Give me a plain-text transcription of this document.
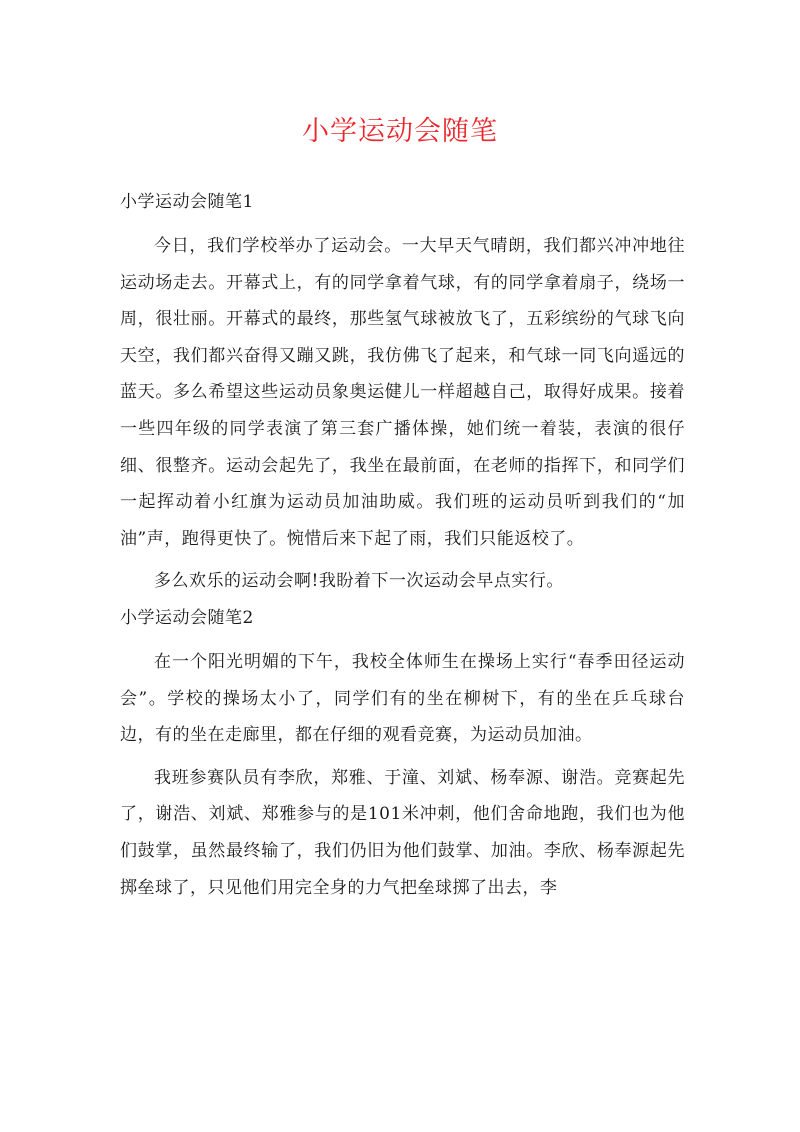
小学运动会随笔

小学运动会随笔1

今日，我们学校举办了运动会。一大早天气晴朗，我们都兴冲冲地往运动场走去。开幕式上，有的同学拿着气球，有的同学拿着扇子，绕场一周，很壮丽。开幕式的最终，那些氢气球被放飞了，五彩缤纷的气球飞向天空，我们都兴奋得又蹦又跳，我仿佛飞了起来，和气球一同飞向遥远的蓝天。多么希望这些运动员象奥运健儿一样超越自己，取得好成果。接着一些四年级的同学表演了第三套广播体操，她们统一着装，表演的很仔细、很整齐。运动会起先了，我坐在最前面，在老师的指挥下，和同学们一起挥动着小红旗为运动员加油助威。我们班的运动员听到我们的“加油”声，跑得更快了。惋惜后来下起了雨，我们只能返校了。

多么欢乐的运动会啊!我盼着下一次运动会早点实行。

小学运动会随笔2

在一个阳光明媚的下午，我校全体师生在操场上实行“春季田径运动会”。学校的操场太小了，同学们有的坐在柳树下，有的坐在乒乓球台边，有的坐在走廊里，都在仔细的观看竞赛，为运动员加油。

我班参赛队员有李欣，郑雅、于潼、刘斌、杨奉源、谢浩。竞赛起先了，谢浩、刘斌、郑雅参与的是101米冲刺，他们舍命地跑，我们也为他们鼓掌，虽然最终输了，我们仍旧为他们鼓掌、加油。李欣、杨奉源起先掷垒球了，只见他们用完全身的力气把垒球掷了出去，李
